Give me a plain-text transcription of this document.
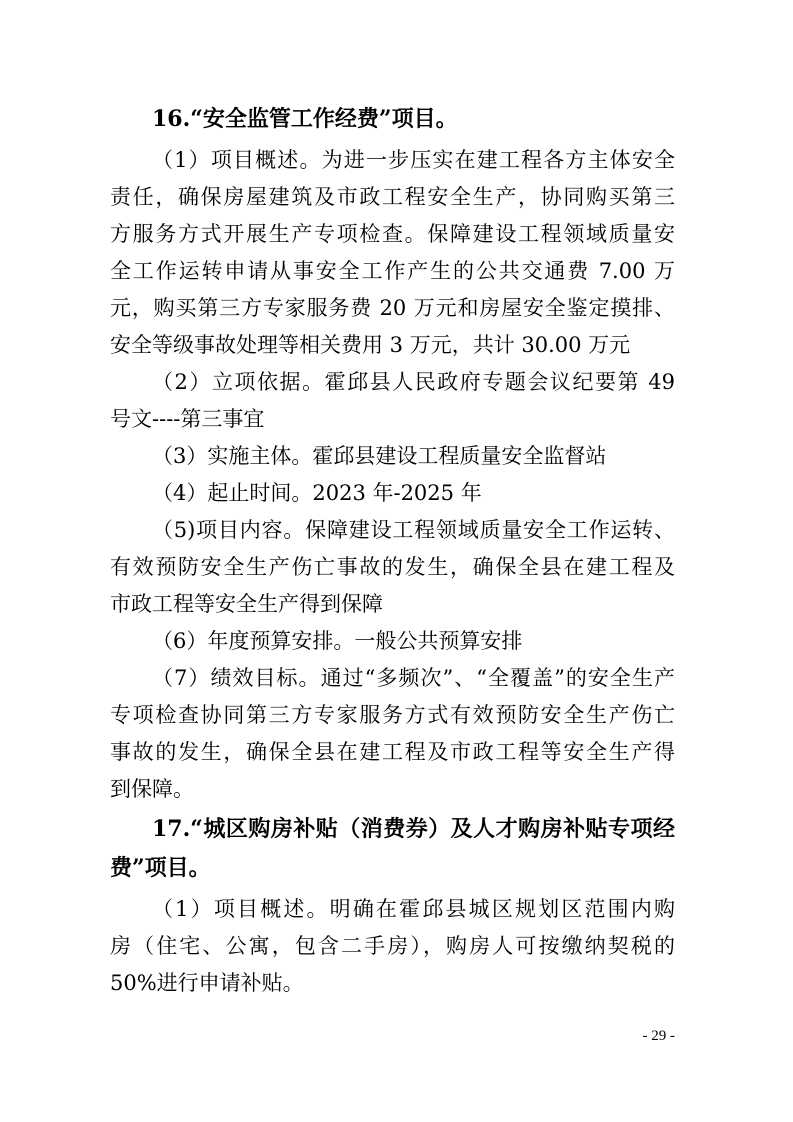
16.“安全监管工作经费”项目。
（1）项目概述。为进一步压实在建工程各方主体安全
责任，确保房屋建筑及市政工程安全生产，协同购买第三
方服务方式开展生产专项检查。保障建设工程领域质量安
全工作运转申请从事安全工作产生的公共交通费 7.00 万
元，购买第三方专家服务费 20 万元和房屋安全鉴定摸排、
安全等级事故处理等相关费用 3 万元，共计 30.00 万元
（2）立项依据。霍邱县人民政府专题会议纪要第 49
号文----第三事宜
（3）实施主体。霍邱县建设工程质量安全监督站
（4）起止时间。2023 年-2025 年
（5)项目内容。保障建设工程领域质量安全工作运转、
有效预防安全生产伤亡事故的发生，确保全县在建工程及
市政工程等安全生产得到保障
（6）年度预算安排。一般公共预算安排
（7）绩效目标。通过“多频次”、“全覆盖”的安全生产
专项检查协同第三方专家服务方式有效预防安全生产伤亡
事故的发生，确保全县在建工程及市政工程等安全生产得
到保障。
17.“城区购房补贴（消费券）及人才购房补贴专项经
费”项目。
（1）项目概述。明确在霍邱县城区规划区范围内购
房（住宅、公寓，包含二手房），购房人可按缴纳契税的
50%进行申请补贴。
- 29 -
